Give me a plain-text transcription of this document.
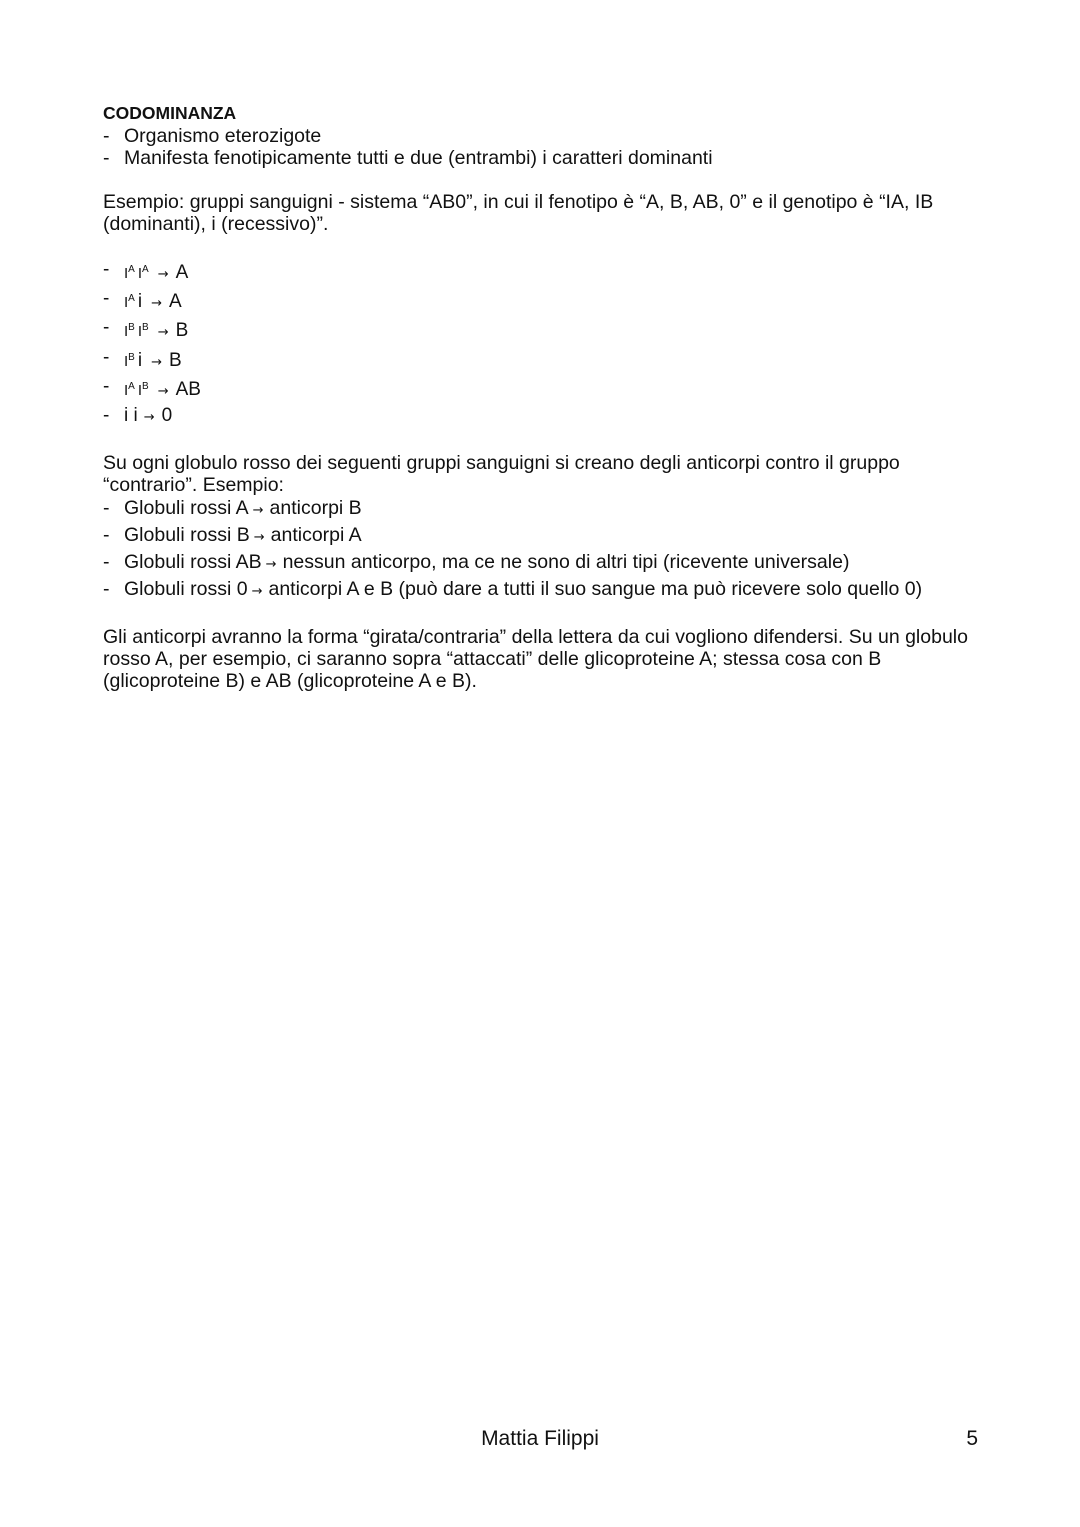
CODOMINANZA
- Organismo eterozigote
- Manifesta fenotipicamente tutti e due (entrambi) i caratteri dominanti

Esempio: gruppi sanguigni - sistema “AB0”, in cui il fenotipo è “A, B, AB, 0” e il genotipo è “IA, IB (dominanti), i (recessivo)”.

- $I^A$ $I^A \to A$
- $I^A$ i → A
- $I^B$ $I^B \to B$
- $I^B$ i → B
- $I^A$ $I^B$ → AB
- i i → 0

Su ogni globulo rosso dei seguenti gruppi sanguigni si creano degli anticorpi contro il gruppo “contrario”. Esempio:

- Globuli rossi A → anticorpi B
- Globuli rossi B → anticorpi A
- Globuli rossi AB → nessun anticorpo, ma ce ne sono di altri tipi (ricevente universale)
- Globuli rossi 0 → anticorpi A e B (può dare a tutti il suo sangue ma può ricevere solo quello 0)

Gli anticorpi avranno la forma “girata/contraria” della lettera da cui vogliono difendersi. Su un globulo rosso A, per esempio, ci saranno sopra “attaccati” delle glicoproteine A; stessa cosa con B (glicoproteine B) e AB (glicoproteine A e B).

Mattia Filippi	5
